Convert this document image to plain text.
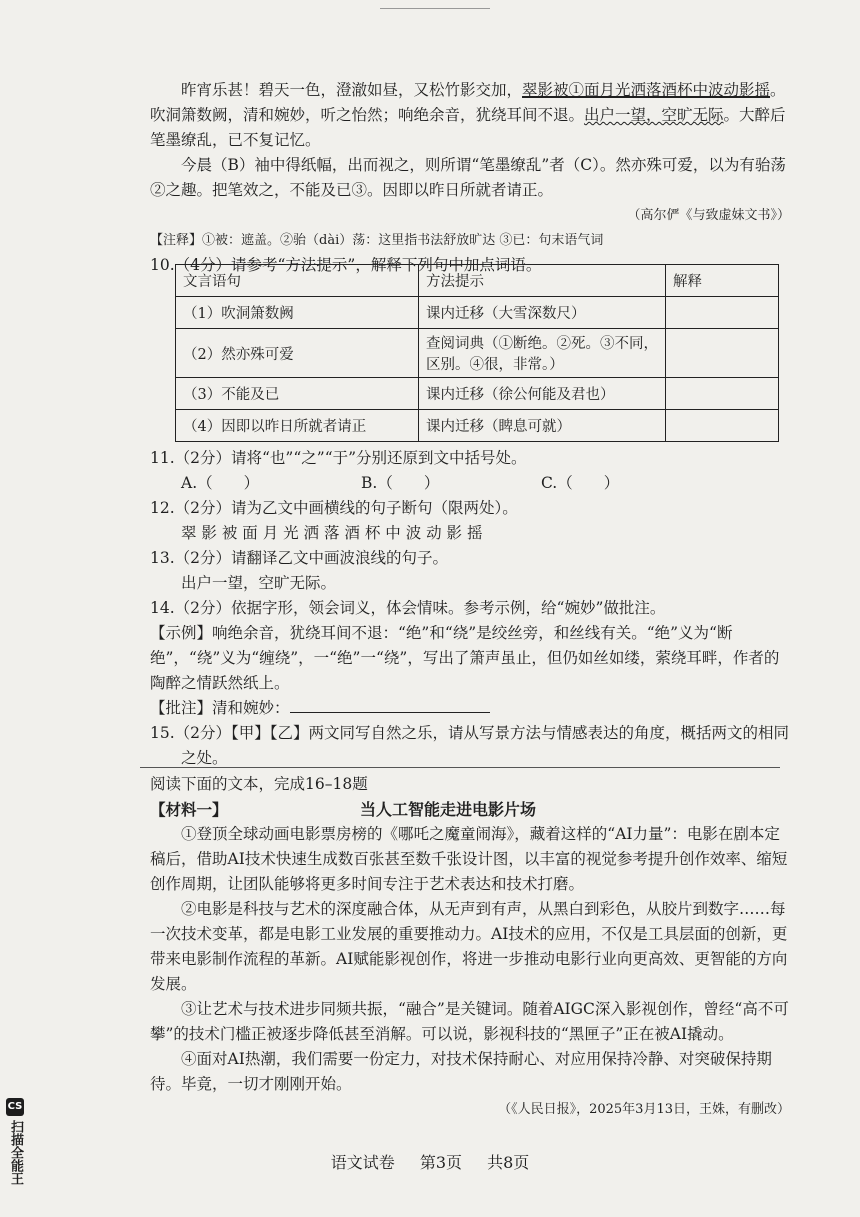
昨宵乐甚！碧天一色，澄澈如昼，又松竹影交加，翠影被①面月光洒落酒杯中波动影摇。吹洞箫数阙，清和婉妙，听之怡然；响绝余音，犹绕耳间不退。出户一望，空旷无际。大醉后笔墨缭乱，已不复记忆。

今晨（B）袖中得纸幅，出而视之，则所谓“笔墨缭乱”者（C）。然亦殊可爱，以为有骀荡②之趣。把笔效之，不能及已③。因即以昨日所就者请正。

（高尔俨《与致虚妹文书》）

【注释】①被：遮盖。②骀（dài）荡：这里指书法舒放旷达 ③已：句末语气词

10.（4分）请参考“方法提示”，解释下列句中加点词语。

文言语句	方法提示	解释
（1）吹洞箫数阙	课内迁移（大雪深数尺）	
（2）然亦殊可爱	查阅词典（①断绝。②死。③不同，区别。④很，非常。）	
（3）不能及已	课内迁移（徐公何能及君也）	
（4）因即以昨日所就者请正	课内迁移（睥息可就）	

11.（2分）请将“也”“之”“于”分别还原到文中括号处。

A.（　　）	B.（　　）	C.（　　）

12.（2分）请为乙文中画横线的句子断句（限两处）。

翠 影 被 面 月 光 洒 落 酒 杯 中 波 动 影 摇

13.（2分）请翻译乙文中画波浪线的句子。

出户一望，空旷无际。

14.（2分）依据字形，领会词义，体会情味。参考示例，给“婉妙”做批注。

【示例】响绝余音，犹绕耳间不退：“绝”和“绕”是绞丝旁，和丝线有关。“绝”义为“断绝”，“绕”义为“缠绕”，一“绝”一“绕”，写出了箫声虽止，但仍如丝如缕，萦绕耳畔，作者的陶醉之情跃然纸上。

【批注】清和婉妙：

15.（2分）【甲】【乙】两文同写自然之乐，请从写景方法与情感表达的角度，概括两文的相同之处。

阅读下面的文本，完成16–18题

【材料一】	当人工智能走进电影片场

①登顶全球动画电影票房榜的《哪吒之魔童闹海》，藏着这样的“AI力量”：电影在剧本定稿后，借助AI技术快速生成数百张甚至数千张设计图，以丰富的视觉参考提升创作效率、缩短创作周期，让团队能够将更多时间专注于艺术表达和技术打磨。

②电影是科技与艺术的深度融合体，从无声到有声，从黑白到彩色，从胶片到数字……每一次技术变革，都是电影工业发展的重要推动力。AI技术的应用，不仅是工具层面的创新，更带来电影制作流程的革新。AI赋能影视创作，将进一步推动电影行业向更高效、更智能的方向发展。

③让艺术与技术进步同频共振，“融合”是关键词。随着AIGC深入影视创作，曾经“高不可攀”的技术门槛正被逐步降低甚至消解。可以说，影视科技的“黑匣子”正在被AI撬动。

④面对AI热潮，我们需要一份定力，对技术保持耐心、对应用保持冷静、对突破保持期待。毕竟，一切才刚刚开始。

（《人民日报》，2025年3月13日，王姝，有删改）

语文试卷 第3页 共8页
CS
扫描全能王
